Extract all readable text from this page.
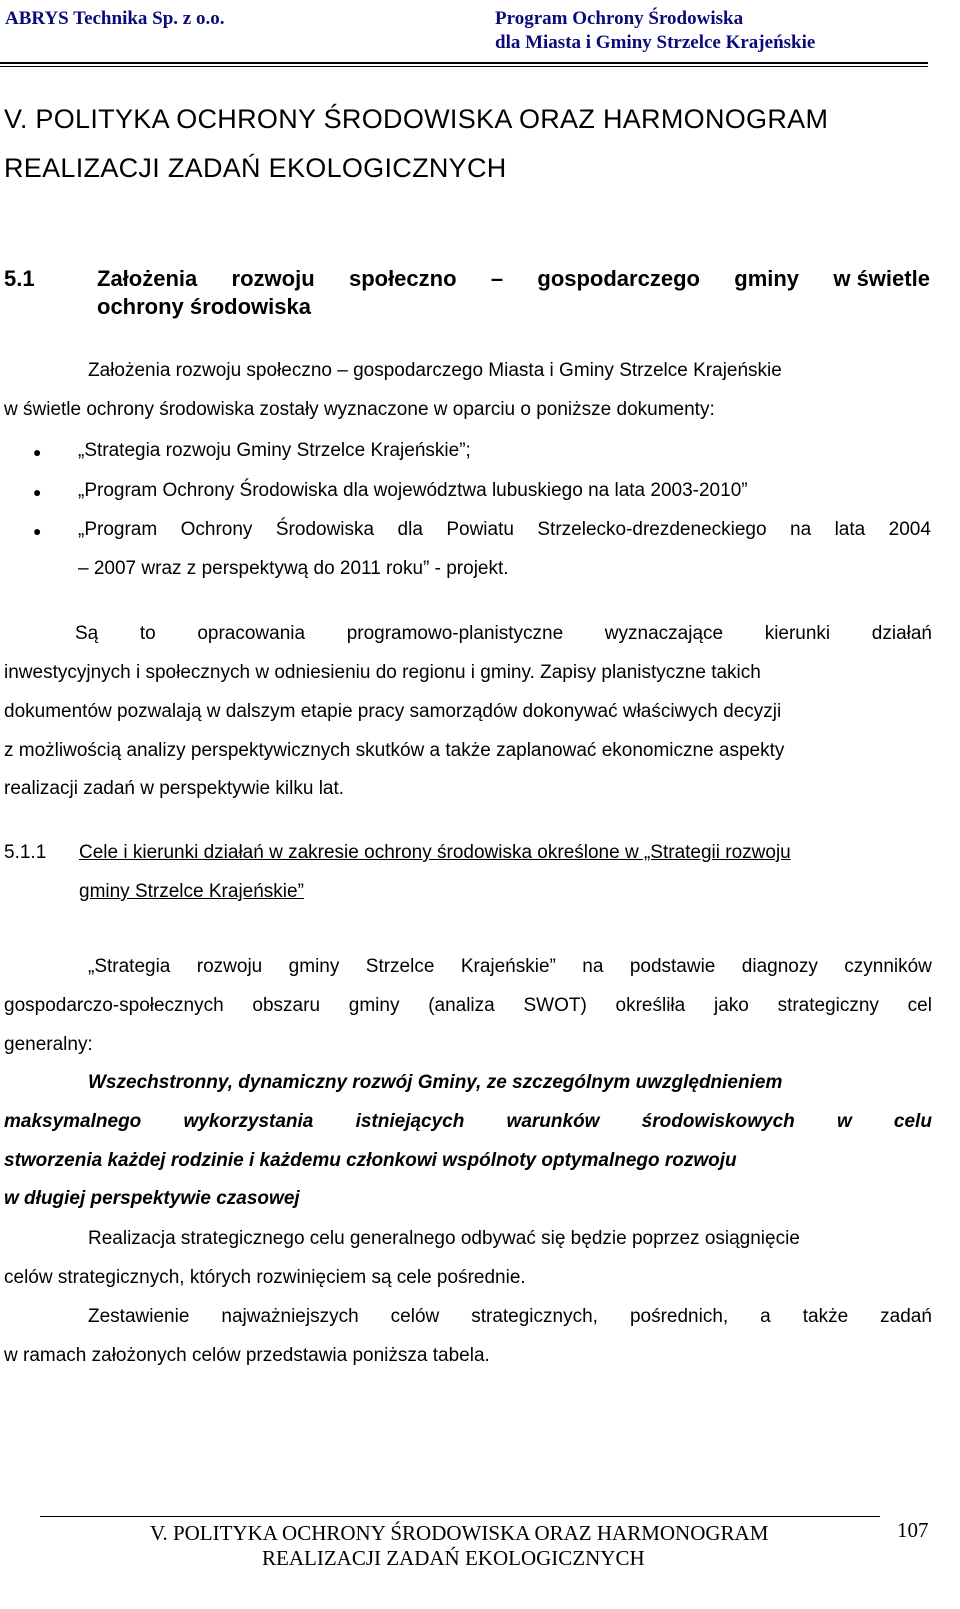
ABRYS Technika Sp. z o.o.	Program Ochrony Środowiska
dla Miasta i Gminy Strzelce Krajeńskie
V. POLITYKA OCHRONY ŚRODOWISKA ORAZ HARMONOGRAM
REALIZACJI ZADAŃ EKOLOGICZNYCH
5.1	Założenia rozwoju społeczno – gospodarczego gminy w świetle
ochrony środowiska
Założenia rozwoju społeczno – gospodarczego Miasta i Gminy Strzelce Krajeńskie
w świetle ochrony środowiska zostały wyznaczone w oparciu o poniższe dokumenty:
● „Strategia rozwoju Gminy Strzelce Krajeńskie”;
● „Program Ochrony Środowiska dla województwa lubuskiego na lata 2003-2010”
● „Program Ochrony Środowiska dla Powiatu Strzelecko-drezdeneckiego na lata 2004
– 2007 wraz z perspektywą do 2011 roku” - projekt.
Są to opracowania programowo-planistyczne wyznaczające kierunki działań
inwestycyjnych i społecznych w odniesieniu do regionu i gminy. Zapisy planistyczne takich
dokumentów pozwalają w dalszym etapie pracy samorządów dokonywać właściwych decyzji
z możliwością analizy perspektywicznych skutków a także zaplanować ekonomiczne aspekty
realizacji zadań w perspektywie kilku lat.
5.1.1 Cele i kierunki działań w zakresie ochrony środowiska określone w „Strategii rozwoju
gminy Strzelce Krajeńskie”
„Strategia rozwoju gminy Strzelce Krajeńskie” na podstawie diagnozy czynników
gospodarczo-społecznych obszaru gminy (analiza SWOT) określiła jako strategiczny cel
generalny:
Wszechstronny, dynamiczny rozwój Gminy, ze szczególnym uwzględnieniem
maksymalnego wykorzystania istniejących warunków środowiskowych w celu
stworzenia każdej rodzinie i każdemu członkowi wspólnoty optymalnego rozwoju
w długiej perspektywie czasowej
Realizacja strategicznego celu generalnego odbywać się będzie poprzez osiągnięcie
celów strategicznych, których rozwinięciem są cele pośrednie.
Zestawienie najważniejszych celów strategicznych, pośrednich, a także zadań
w ramach założonych celów przedstawia poniższa tabela.
V. POLITYKA OCHRONY ŚRODOWISKA ORAZ HARMONOGRAM
REALIZACJI ZADAŃ EKOLOGICZNYCH
107
